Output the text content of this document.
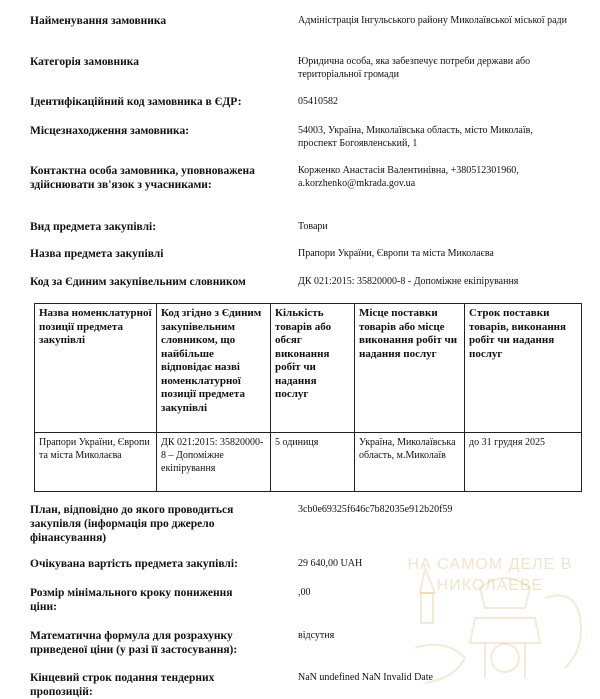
Найменування замовника	Адміністрація Інгульського району Миколаївської міської ради
Категорія замовника	Юридична особа, яка забезпечує потреби держави або територіальної громади
Ідентифікаційний код замовника в ЄДР:	05410582
Місцезнаходження замовника:	54003, Україна, Миколаївська область, місто Миколаїв, проспект Богоявленський, 1
Контактна особа замовника, уповноважена здійснювати зв'язок з учасниками:
Корженко Анастасія Валентинівна, +380512301960, a.korzhenko@mkrada.gov.ua
Вид предмета закупівлі:	Товари
Назва предмета закупівлі	Прапори України, Європи та міста Миколаєва
Код за Єдиним закупівельним словником	ДК 021:2015: 35820000-8 - Допоміжне екіпірування
Назва номенклатурної позиції предмета закупівлі	Код згідно з Єдиним закупівельним словником, що найбільше відповідає назві номенклатурної позиції предмета закупівлі	Кількість товарів або обсяг виконання робіт чи надання послуг	Місце поставки товарів або місце виконання робіт чи надання послуг	Строк поставки товарів, виконання робіт чи надання послуг
Прапори України, Європи та міста Миколаєва	ДК 021:2015: 35820000-8 – Допоміжне екіпірування	5 одиниця	Україна, Миколаївська область, м.Миколаїв	до 31 грудня 2025
НА САМОМ ДЕЛЕ В
НИКОЛАЕВЕ
План, відповідно до якого проводиться закупівля (інформація про джерело фінансування)
3cb0e69325f646c7b82035e912b20f59
Очікувана вартість предмета закупівлі:	29 640,00 UAH
Розмір мінімального кроку пониження ціни:
,00
Математична формула для розрахунку приведеної ціни (у разі її застосування):
відсутня
Кінцевий строк подання тендерних пропозицій:
NaN undefined NaN Invalid Date
